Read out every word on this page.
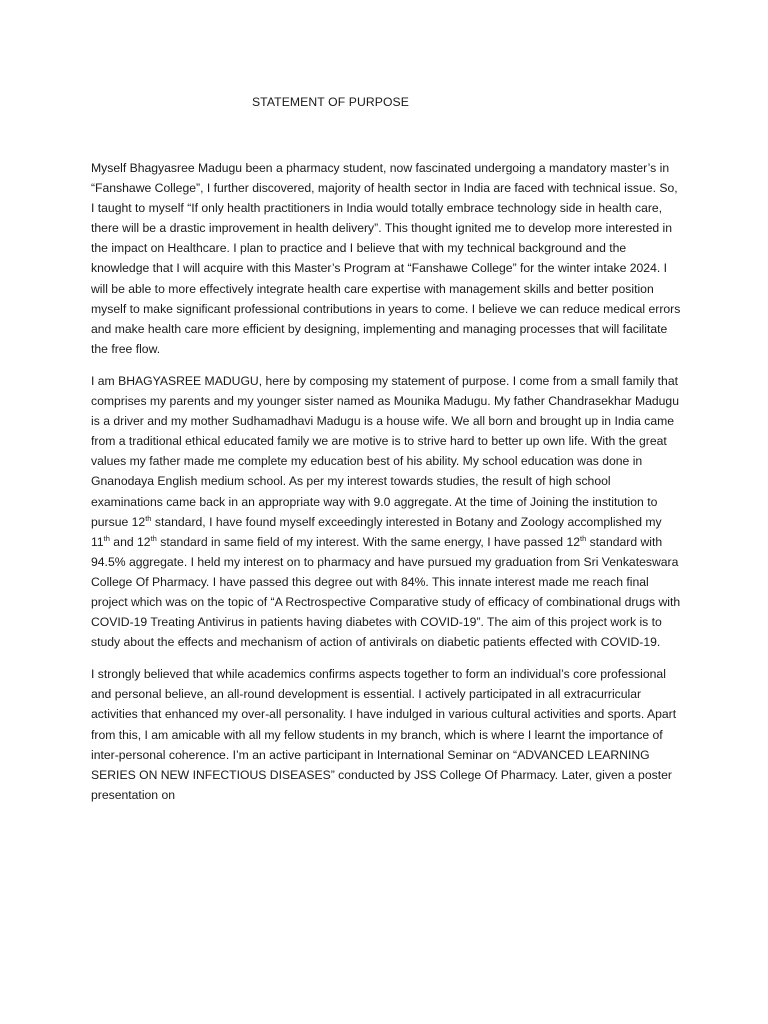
STATEMENT OF PURPOSE

Myself Bhagyasree Madugu been a pharmacy student, now fascinated undergoing a mandatory master’s in “Fanshawe College”, I further discovered, majority of health sector in India are faced with technical issue. So, I taught to myself “If only health practitioners in India would totally embrace technology side in health care, there will be a drastic improvement in health delivery”. This thought ignited me to develop more interested in the impact on Healthcare. I plan to practice and I believe that with my technical background and the knowledge that I will acquire with this Master’s Program at “Fanshawe College” for the winter intake 2024. I will be able to more effectively integrate health care expertise with management skills and better position myself to make significant professional contributions in years to come. I believe we can reduce medical errors and make health care more efficient by designing, implementing and managing processes that will facilitate the free flow.

I am BHAGYASREE MADUGU, here by composing my statement of purpose. I come from a small family that comprises my parents and my younger sister named as Mounika Madugu. My father Chandrasekhar Madugu is a driver and my mother Sudhamadhavi Madugu is a house wife. We all born and brought up in India came from a traditional ethical educated family we are motive is to strive hard to better up own life. With the great values my father made me complete my education best of his ability. My school education was done in Gnanodaya English medium school. As per my interest towards studies, the result of high school examinations came back in an appropriate way with 9.0 aggregate. At the time of Joining the institution to pursue 12th standard, I have found myself exceedingly interested in Botany and Zoology accomplished my 11th and 12th standard in same field of my interest. With the same energy, I have passed 12th standard with 94.5% aggregate. I held my interest on to pharmacy and have pursued my graduation from Sri Venkateswara College Of Pharmacy. I have passed this degree out with 84%. This innate interest made me reach final project which was on the topic of “A Rectrospective Comparative study of efficacy of combinational drugs with COVID-19 Treating Antivirus in patients having diabetes with COVID-19”. The aim of this project work is to study about the effects and mechanism of action of antivirals on diabetic patients effected with COVID-19.

I strongly believed that while academics confirms aspects together to form an individual’s core professional and personal believe, an all-round development is essential. I actively participated in all extracurricular activities that enhanced my over-all personality. I have indulged in various cultural activities and sports. Apart from this, I am amicable with all my fellow students in my branch, which is where I learnt the importance of inter-personal coherence. I’m an active participant in International Seminar on “ADVANCED LEARNING SERIES ON NEW INFECTIOUS DISEASES” conducted by JSS College Of Pharmacy. Later, given a poster presentation on
